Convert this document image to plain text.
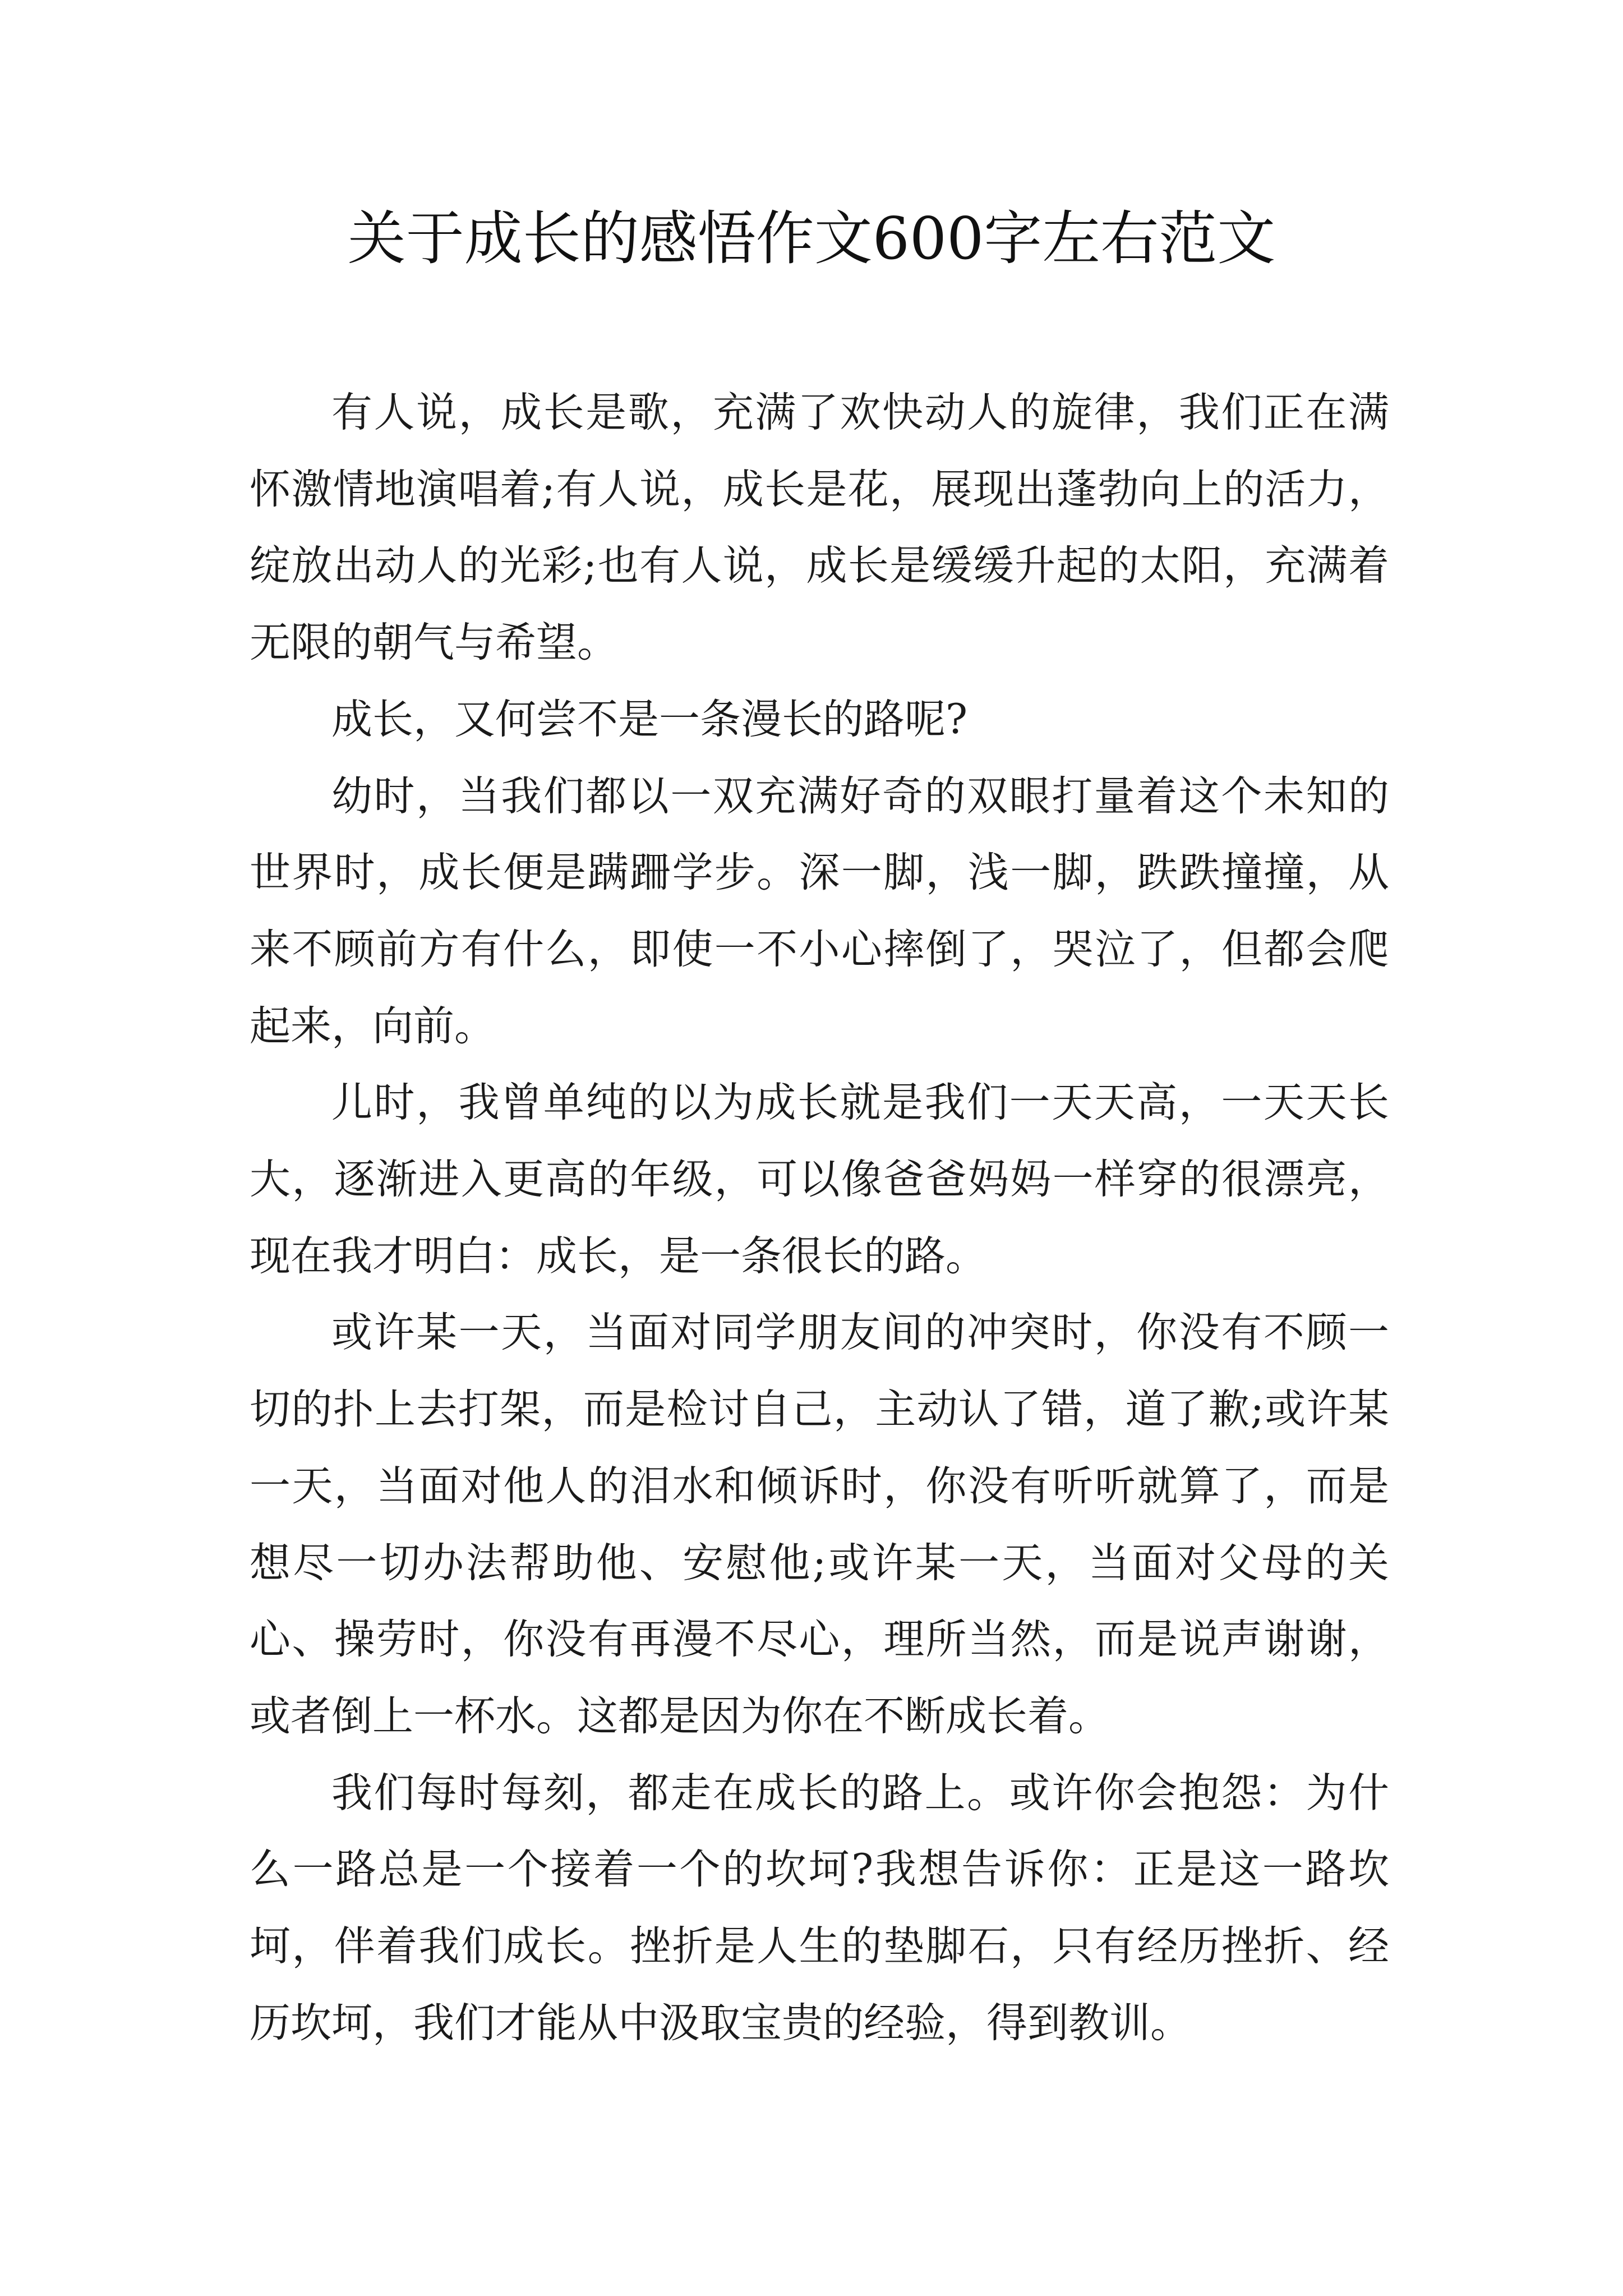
关于成长的感悟作文600字左右范文

有人说，成长是歌，充满了欢快动人的旋律，我们正在满怀激情地演唱着;有人说，成长是花，展现出蓬勃向上的活力，绽放出动人的光彩;也有人说，成长是缓缓升起的太阳，充满着无限的朝气与希望。

成长，又何尝不是一条漫长的路呢?

幼时，当我们都以一双充满好奇的双眼打量着这个未知的世界时，成长便是蹒跚学步。深一脚，浅一脚，跌跌撞撞，从来不顾前方有什么，即使一不小心摔倒了，哭泣了，但都会爬起来，向前。

儿时，我曾单纯的以为成长就是我们一天天高，一天天长大，逐渐进入更高的年级，可以像爸爸妈妈一样穿的很漂亮，现在我才明白：成长，是一条很长的路。

或许某一天，当面对同学朋友间的冲突时，你没有不顾一切的扑上去打架，而是检讨自己，主动认了错，道了歉;或许某一天，当面对他人的泪水和倾诉时，你没有听听就算了，而是想尽一切办法帮助他、安慰他;或许某一天，当面对父母的关心、操劳时，你没有再漫不尽心，理所当然，而是说声谢谢，或者倒上一杯水。这都是因为你在不断成长着。

我们每时每刻，都走在成长的路上。或许你会抱怨：为什么一路总是一个接着一个的坎坷?我想告诉你：正是这一路坎坷，伴着我们成长。挫折是人生的垫脚石，只有经历挫折、经历坎坷，我们才能从中汲取宝贵的经验，得到教训。
